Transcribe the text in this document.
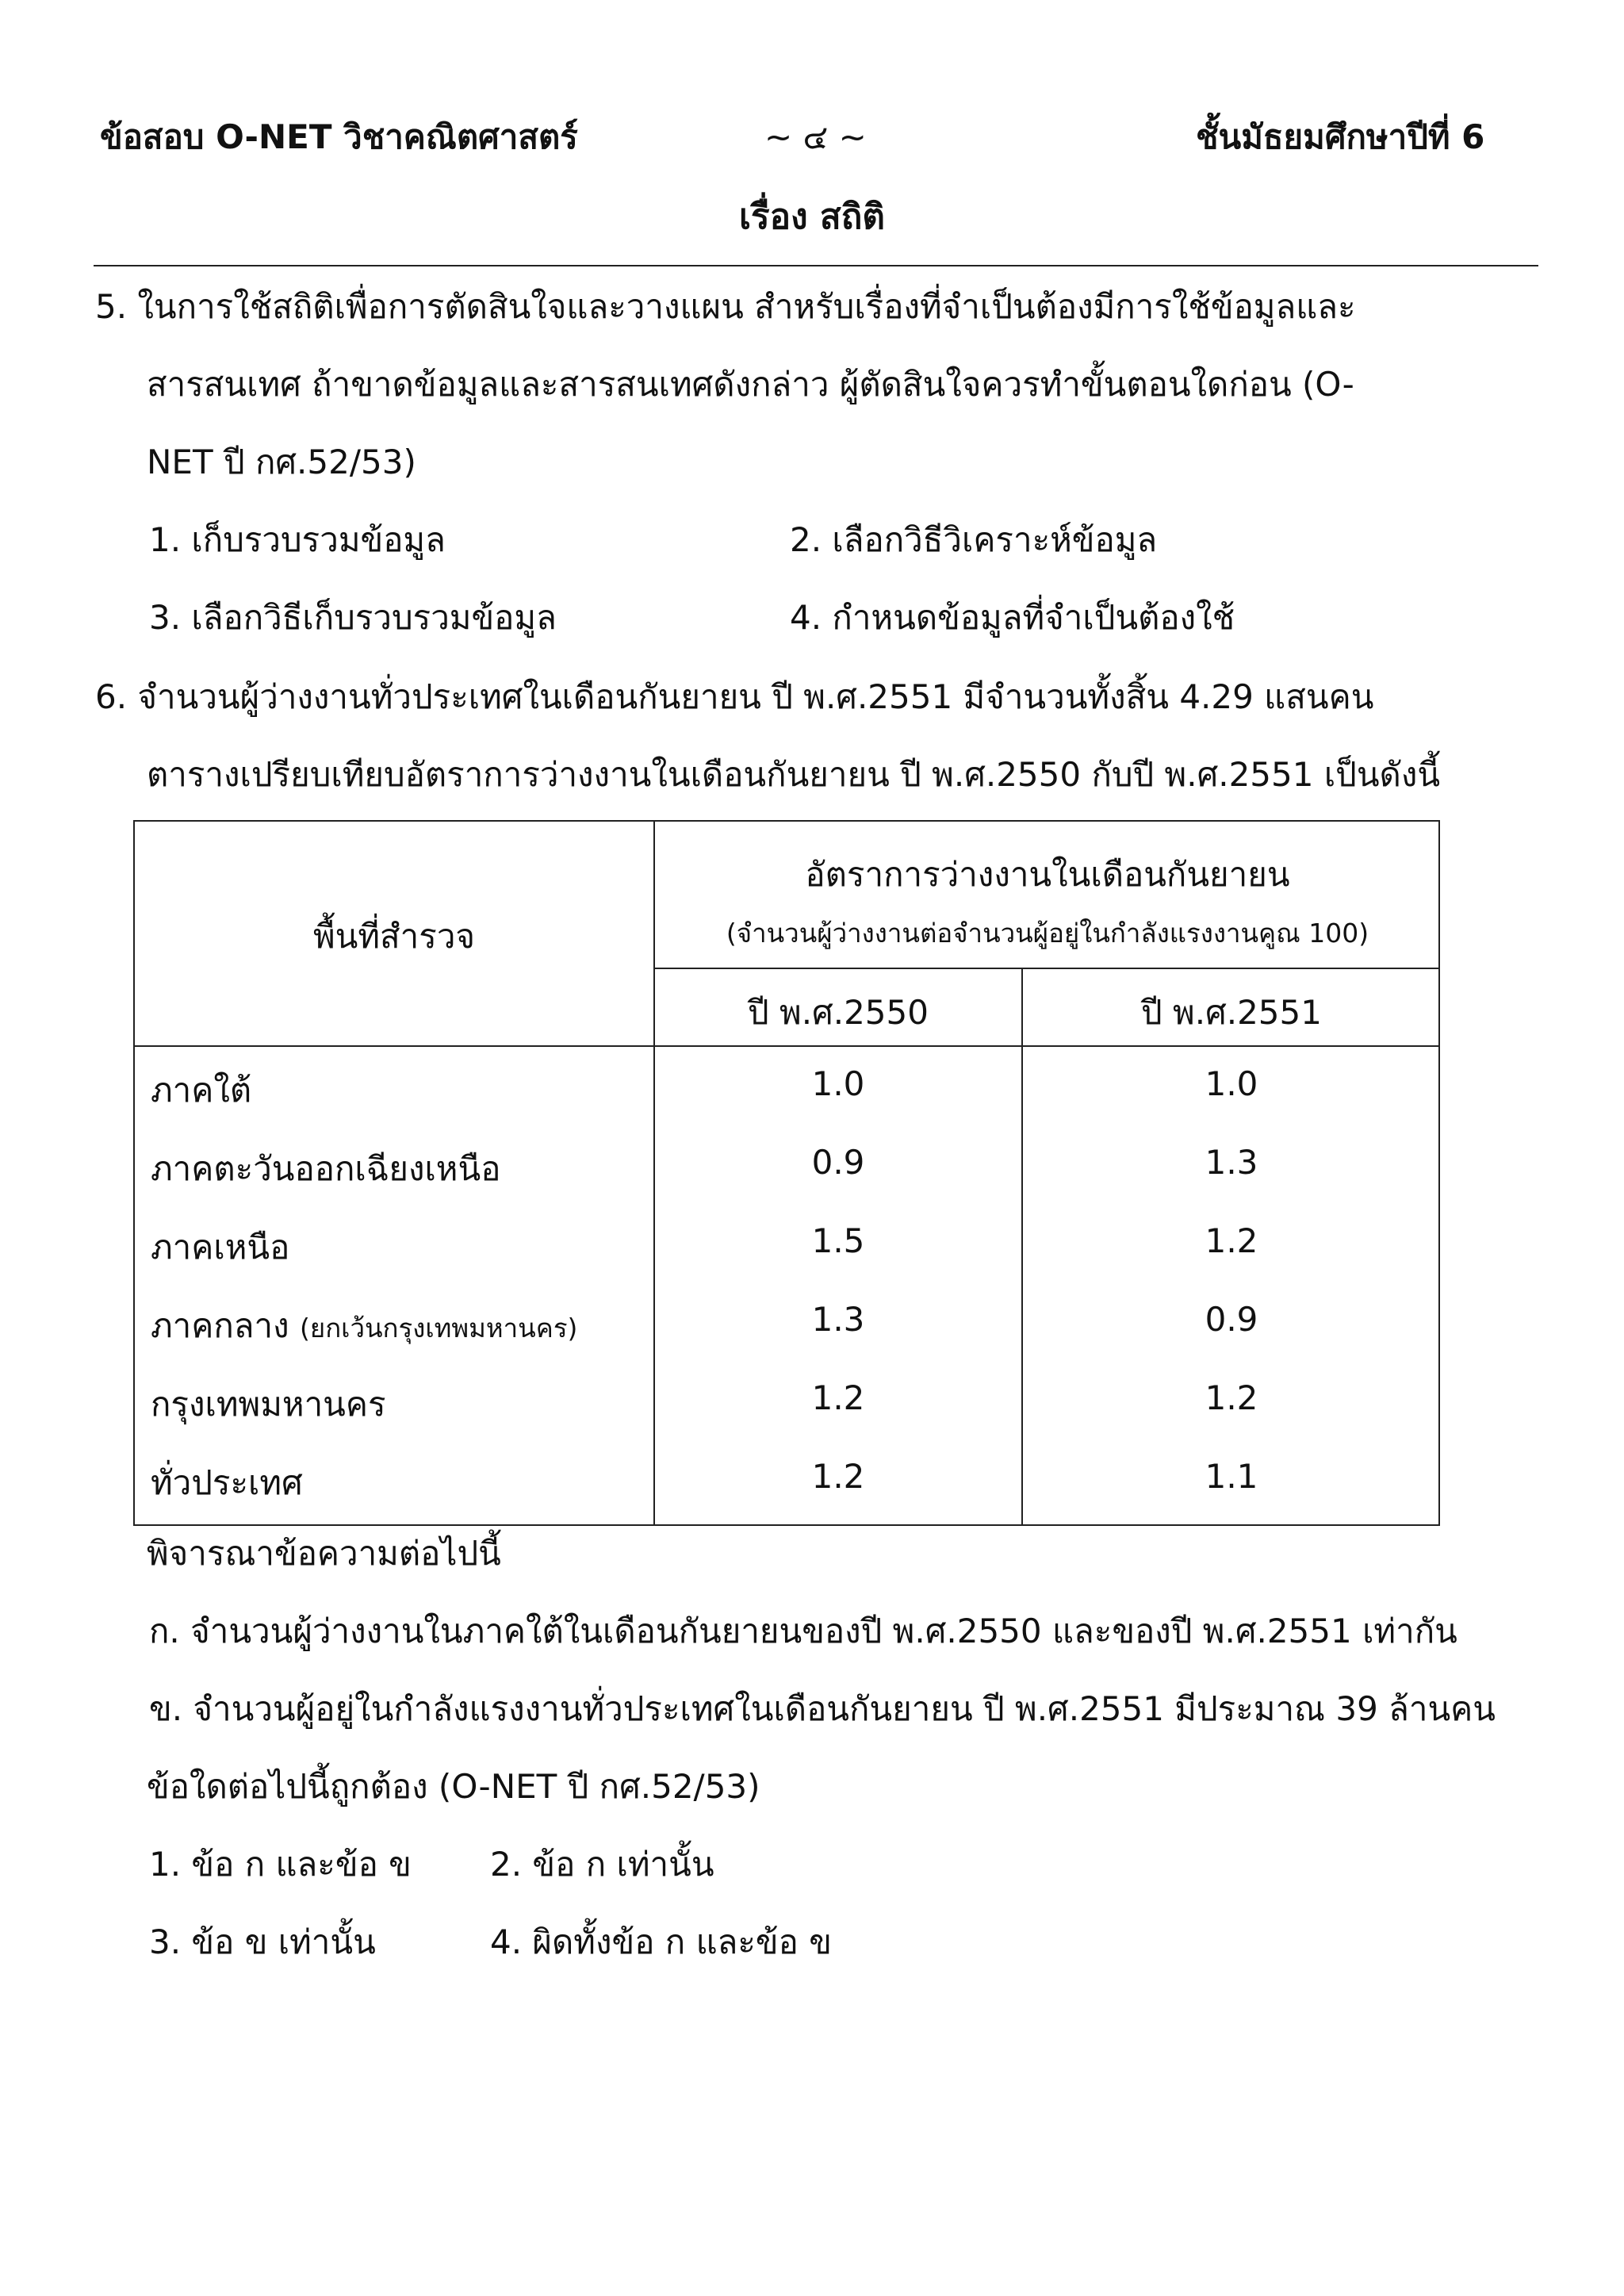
ข้อสอบ O-NET วิชาคณิตศาสตร์	~ ๔ ~	ชั้นมัธยมศึกษาปีที่ 6
เรื่อง สถิติ
5. ในการใช้สถิติเพื่อการตัดสินใจและวางแผน สำหรับเรื่องที่จำเป็นต้องมีการใช้ข้อมูลและ
สารสนเทศ ถ้าขาดข้อมูลและสารสนเทศดังกล่าว ผู้ตัดสินใจควรทำขั้นตอนใดก่อน (O-
NET ปี กศ.52/53)
1. เก็บรวบรวมข้อมูล	2. เลือกวิธีวิเคราะห์ข้อมูล
3. เลือกวิธีเก็บรวบรวมข้อมูล	4. กำหนดข้อมูลที่จำเป็นต้องใช้
6. จำนวนผู้ว่างงานทั่วประเทศในเดือนกันยายน ปี พ.ศ.2551 มีจำนวนทั้งสิ้น 4.29 แสนคน
ตารางเปรียบเทียบอัตราการว่างงานในเดือนกันยายน ปี พ.ศ.2550 กับปี พ.ศ.2551 เป็นดังนี้
พื้นที่สำรวจ
อัตราการว่างงานในเดือนกันยายน
(จำนวนผู้ว่างงานต่อจำนวนผู้อยู่ในกำลังแรงงานคูณ 100)
ปี พ.ศ.2550	ปี พ.ศ.2551
ภาคใต้	1.0	1.0
ภาคตะวันออกเฉียงเหนือ	0.9	1.3
ภาคเหนือ	1.5	1.2
ภาคกลาง (ยกเว้นกรุงเทพมหานคร)	1.3	0.9
กรุงเทพมหานคร	1.2	1.2
ทั่วประเทศ	1.2	1.1
พิจารณาข้อความต่อไปนี้
ก. จำนวนผู้ว่างงานในภาคใต้ในเดือนกันยายนของปี พ.ศ.2550 และของปี พ.ศ.2551 เท่ากัน
ข. จำนวนผู้อยู่ในกำลังแรงงานทั่วประเทศในเดือนกันยายน ปี พ.ศ.2551 มีประมาณ 39 ล้านคน
ข้อใดต่อไปนี้ถูกต้อง (O-NET ปี กศ.52/53)
1. ข้อ ก และข้อ ข 2. ข้อ ก เท่านั้น
3. ข้อ ข เท่านั้น	4. ผิดทั้งข้อ ก และข้อ ข
